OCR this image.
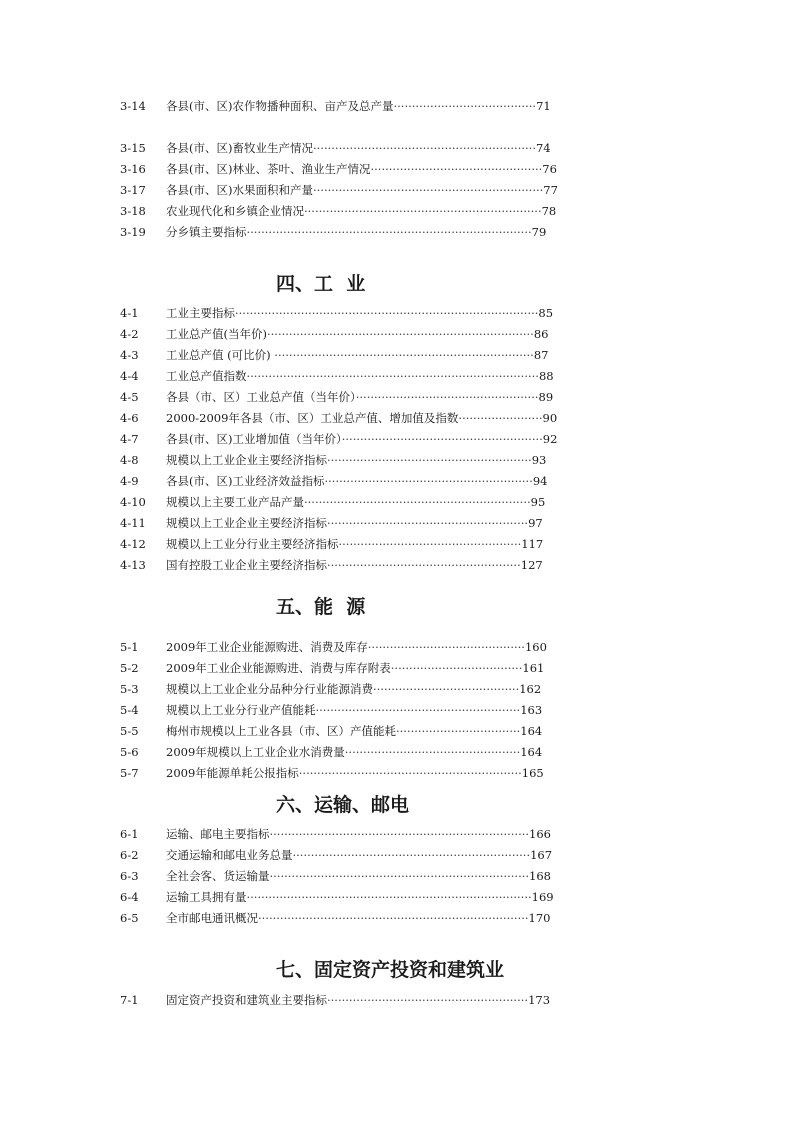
3-14 各县(市、区)农作物播种面积、亩产及总产量·······································71
3-15 各县(市、区)畜牧业生产情况·····························································74
3-16 各县(市、区)林业、茶叶、渔业生产情况···············································76
3-17 各县(市、区)水果面积和产量·······························································77
3-18 农业现代化和乡镇企业情况·································································78
3-19 分乡镇主要指标··············································································79
四、工  业
4-1 工业主要指标···················································································85
4-2 工业总产值(当年价)·········································································86
4-3 工业总产值 (可比价) ·······································································87
4-4 工业总产值指数················································································88
4-5 各县（市、区）工业总产值（当年价）··················································89
4-6 2000-2009年各县（市、区）工业总产值、增加值及指数·······················90
4-7 各县(市、区)工业增加值（当年价）·······················································92
4-8 规模以上工业企业主要经济指标························································93
4-9 各县(市、区)工业经济效益指标·························································94
4-10 规模以上主要工业产品产量······························································95
4-11 规模以上工业企业主要经济指标·······················································97
4-12 规模以上工业分行业主要经济指标··················································117
4-13 国有控股工业企业主要经济指标·····················································127
五、能  源
5-1 2009年工业企业能源购进、消费及库存···········································160
5-2 2009年工业企业能源购进、消费与库存附表····································161
5-3 规模以上工业企业分品种分行业能源消费········································162
5-4 规模以上工业分行业产值能耗························································163
5-5 梅州市规模以上工业各县（市、区）产值能耗··································164
5-6 2009年规模以上工业企业水消费量················································164
5-7 2009年能源单耗公报指标·····························································165
六、运输、邮电
6-1 运输、邮电主要指标·······································································166
6-2 交通运输和邮电业务总量·································································167
6-3 全社会客、货运输量·······································································168
6-4 运输工具拥有量··············································································169
6-5 全市邮电通讯概况··········································································170
七、固定资产投资和建筑业
7-1 固定资产投资和建筑业主要指标·······················································173
